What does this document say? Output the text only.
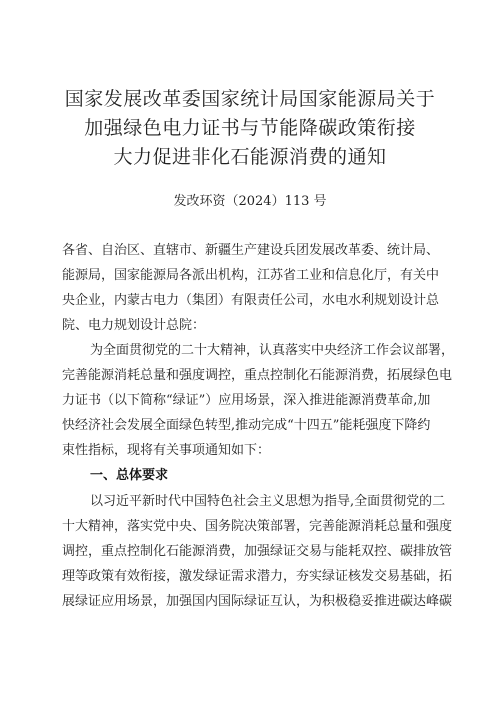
国家发展改革委国家统计局国家能源局关于
加强绿色电力证书与节能降碳政策衔接
大力促进非化石能源消费的通知
发改环资（2024）113 号
各省、自治区、直辖市、新疆生产建设兵团发展改革委、统计局、
能源局，国家能源局各派出机构，江苏省工业和信息化厅，有关中
央企业，内蒙古电力（集团）有限责任公司，水电水利规划设计总
院、电力规划设计总院：
为全面贯彻党的二十大精神，认真落实中央经济工作会议部署，
完善能源消耗总量和强度调控，重点控制化石能源消费，拓展绿色电
力证书（以下简称“绿证”）应用场景，深入推进能源消费革命,加
快经济社会发展全面绿色转型,推动完成“十四五”能耗强度下降约
束性指标，现将有关事项通知如下：
一、总体要求
以习近平新时代中国特色社会主义思想为指导,全面贯彻党的二
十大精神，落实党中央、国务院决策部署，完善能源消耗总量和强度
调控，重点控制化石能源消费，加强绿证交易与能耗双控、碳排放管
理等政策有效衔接，激发绿证需求潜力，夯实绿证核发交易基础，拓
展绿证应用场景，加强国内国际绿证互认，为积极稳妥推进碳达峰碳
